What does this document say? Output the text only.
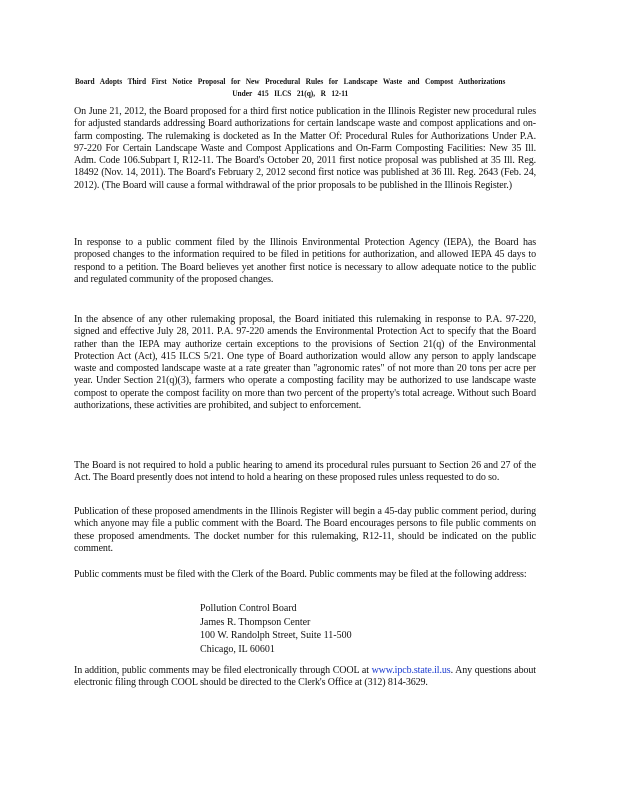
Board Adopts Third First Notice Proposal for New Procedural Rules for Landscape Waste and Compost Authorizations Under 415 ILCS 21(q), R 12-11

On June 21, 2012, the Board proposed for a third first notice publication in the Illinois Register new procedural rules for adjusted standards addressing Board authorizations for certain landscape waste and compost applications and on-farm composting. The rulemaking is docketed as In the Matter Of: Procedural Rules for Authorizations Under P.A. 97-220 For Certain Landscape Waste and Compost Applications and On-Farm Composting Facilities: New 35 Ill. Adm. Code 106.Subpart I, R12-11. The Board's October 20, 2011 first notice proposal was published at 35 Ill. Reg. 18492 (Nov. 14, 2011). The Board's February 2, 2012 second first notice was published at 36 Ill. Reg. 2643 (Feb. 24, 2012). (The Board will cause a formal withdrawal of the prior proposals to be published in the Illinois Register.)

In response to a public comment filed by the Illinois Environmental Protection Agency (IEPA), the Board has proposed changes to the information required to be filed in petitions for authorization, and allowed IEPA 45 days to respond to a petition. The Board believes yet another first notice is necessary to allow adequate notice to the public and regulated community of the proposed changes.

In the absence of any other rulemaking proposal, the Board initiated this rulemaking in response to P.A. 97-220, signed and effective July 28, 2011. P.A. 97-220 amends the Environmental Protection Act to specify that the Board rather than the IEPA may authorize certain exceptions to the provisions of Section 21(q) of the Environmental Protection Act (Act), 415 ILCS 5/21. One type of Board authorization would allow any person to apply landscape waste and composted landscape waste at a rate greater than "agronomic rates" of not more than 20 tons per acre per year. Under Section 21(q)(3), farmers who operate a composting facility may be authorized to use landscape waste compost to operate the compost facility on more than two percent of the property's total acreage. Without such Board authorizations, these activities are prohibited, and subject to enforcement.

The Board is not required to hold a public hearing to amend its procedural rules pursuant to Section 26 and 27 of the Act. The Board presently does not intend to hold a hearing on these proposed rules unless requested to do so.

Publication of these proposed amendments in the Illinois Register will begin a 45-day public comment period, during which anyone may file a public comment with the Board. The Board encourages persons to file public comments on these proposed amendments. The docket number for this rulemaking, R12-11, should be indicated on the public comment.

Public comments must be filed with the Clerk of the Board. Public comments may be filed at the following address:

Pollution Control Board
James R. Thompson Center
100 W. Randolph Street, Suite 11-500
Chicago, IL 60601

In addition, public comments may be filed electronically through COOL at www.ipcb.state.il.us. Any questions about electronic filing through COOL should be directed to the Clerk's Office at (312) 814-3629.
